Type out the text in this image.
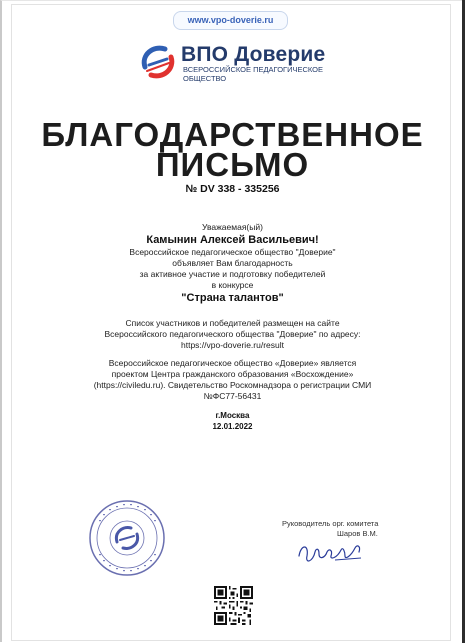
www.vpo-doverie.ru
ВПО Доверие
ВСЕРОССИЙСКОЕ ПЕДАГОГИЧЕСКОЕ
ОБЩЕСТВО
БЛАГОДАРСТВЕННОЕ
ПИСЬМО
№ DV 338 - 335256
Уважаемая(ый)
Камынин Алексей Васильевич!
Всероссийское педагогическое общество "Доверие"
объявляет Вам благодарность
за активное участие и подготовку победителей
в конкурсе
"Страна талантов"
Список участников и победителей размещен на сайте
Всероссийского педагогического общества "Доверие" по адресу:
https://vpo-doverie.ru/result
Всероссийское педагогическое общество «Доверие» является
проектом Центра гражданского образования «Восхождение»
(https://civiledu.ru). Свидетельство Роскомнадзора о регистрации СМИ
№ФС77-56431
г.Москва
12.01.2022
Руководитель орг. комитета
Шаров В.М.
